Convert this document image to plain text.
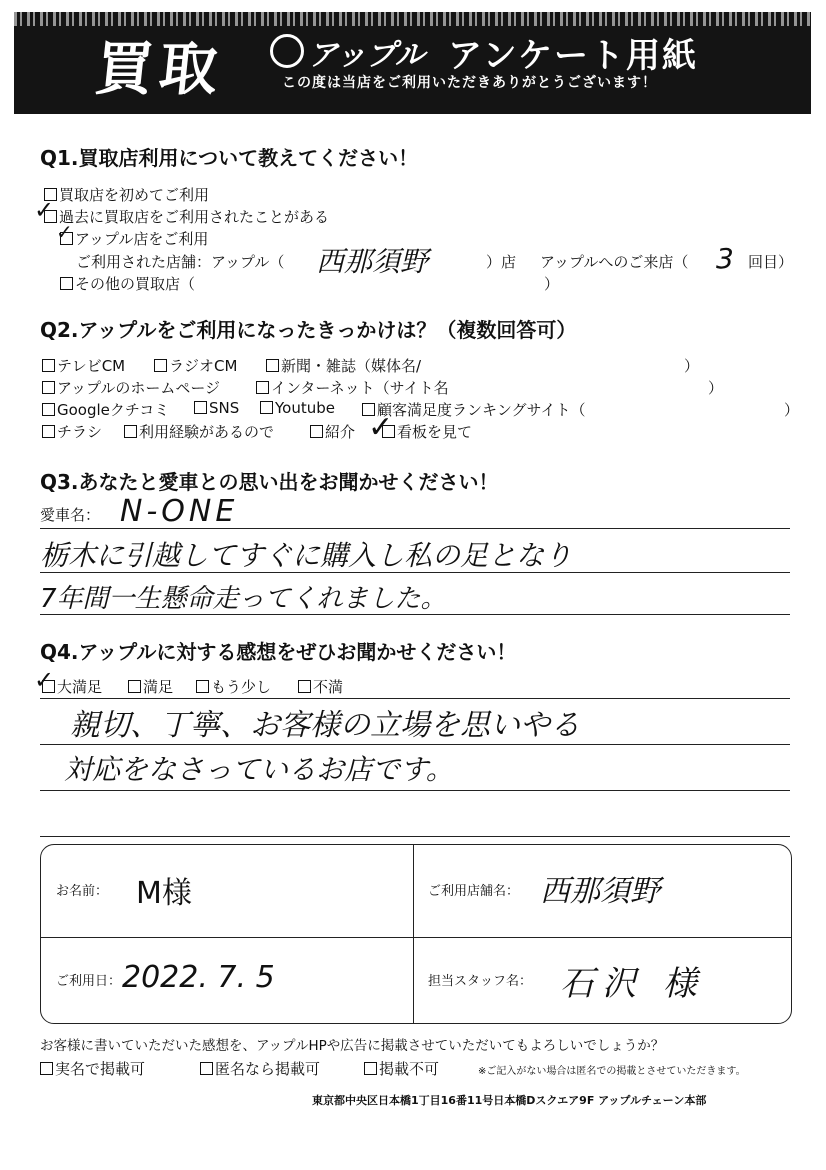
買取	アップル アンケート用紙
この度は当店をご利用いただきありがとうございます！
Q1.買取店利用について教えてください！
買取店を初めてご利用
過去に買取店をご利用されたことがある
✓
アップル店をご利用
✓
ご利用された店舗：アップル（ 西那須野	）店 アップルへのご来店（ 3 回目）
その他の買取店（	）
Q2.アップルをご利用になったきっかけは？（複数回答可）
テレビCM	ラジオCM	新聞・雑誌（媒体名/	）
アップルのホームページ	インターネット（サイト名	）
Googleクチコミ	SNS	Youtube	顧客満足度ランキングサイト（	）
チラシ	利用経験があるので	紹介	看板を見て
✓
Q3.あなたと愛車との思い出をお聞かせください！
愛車名： N-ONE
栃木に引越してすぐに購入し私の足となり
7年間一生懸命走ってくれました。
Q4.アップルに対する感想をぜひお聞かせください！
大満足
✓	満足	もう少し	不満
親切、丁寧、お客様の立場を思いやる
対応をなさっているお店です。
お名前： M様	ご利用店舗名： 西那須野
ご利用日： 2022. 7. 5	担当スタッフ名： 石沢 様
お客様に書いていただいた感想を、アップルHPや広告に掲載させていただいてもよろしいでしょうか？
実名で掲載可	匿名なら掲載可	掲載不可	※ご記入がない場合は匿名での掲載とさせていただきます。
東京都中央区日本橋1丁目16番11号日本橋Dスクエア9F アップルチェーン本部
